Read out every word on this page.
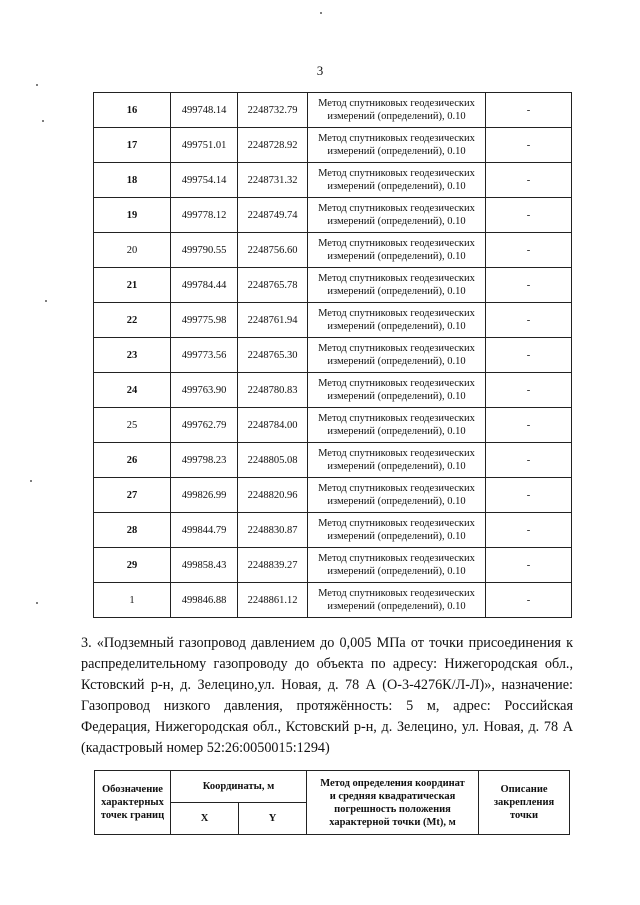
3
16	499748.14	2248732.79	Метод спутниковых геодезических
измерений (определений), 0.10	-
17	499751.01	2248728.92	Метод спутниковых геодезических
измерений (определений), 0.10	-
18	499754.14	2248731.32	Метод спутниковых геодезических
измерений (определений), 0.10	-
19	499778.12	2248749.74	Метод спутниковых геодезических
измерений (определений), 0.10	-
20	499790.55	2248756.60	Метод спутниковых геодезических
измерений (определений), 0.10	-
21	499784.44	2248765.78	Метод спутниковых геодезических
измерений (определений), 0.10	-
22	499775.98	2248761.94	Метод спутниковых геодезических
измерений (определений), 0.10	-
23	499773.56	2248765.30	Метод спутниковых геодезических
измерений (определений), 0.10	-
24	499763.90	2248780.83	Метод спутниковых геодезических
измерений (определений), 0.10	-
25	499762.79	2248784.00	Метод спутниковых геодезических
измерений (определений), 0.10	-
26	499798.23	2248805.08	Метод спутниковых геодезических
измерений (определений), 0.10	-
27	499826.99	2248820.96	Метод спутниковых геодезических
измерений (определений), 0.10	-
28	499844.79	2248830.87	Метод спутниковых геодезических
измерений (определений), 0.10	-
29	499858.43	2248839.27	Метод спутниковых геодезических
измерений (определений), 0.10	-
1	499846.88	2248861.12	Метод спутниковых геодезических
измерений (определений), 0.10	-

3. «Подземный газопровод давлением до 0,005 МПа от точки присоединения к распределительному газопроводу до объекта по адресу: Нижегородская обл., Кстовский р-н, д. Зелецино,ул. Новая, д. 78 А (О-3-4276К/Л-Л)», назначение: Газопровод низкого давления, протяжённость: 5 м, адрес: Российская Федерация, Нижегородская обл., Кстовский р-н, д. Зелецино, ул. Новая, д. 78 А (кадастровый номер 52:26:0050015:1294)

Обозначение
характерных
точек границ	Координаты, м		Метод определения координат
и средняя квадратическая
погрешность положения
характерной точки (Mt), м	Описание
закрепления
точки
	X	Y		
